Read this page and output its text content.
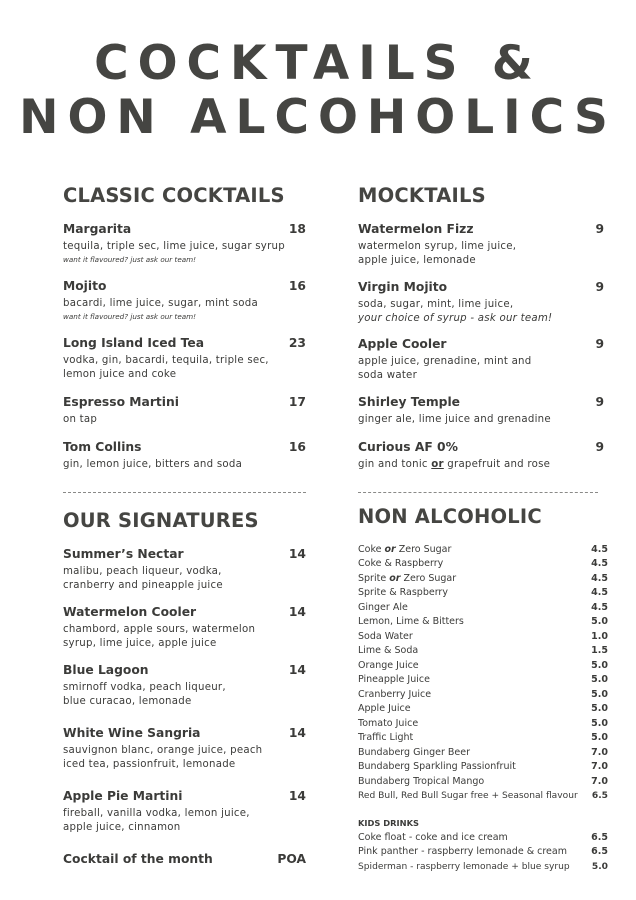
COCKTAILS &
NON ALCOHOLICS
CLASSIC COCKTAILS
Margarita	18
tequila, triple sec, lime juice, sugar syrup
want it flavoured? just ask our team!
Mojito	16
bacardi, lime juice, sugar, mint soda
want it flavoured? just ask our team!
Long Island Iced Tea	23
vodka, gin, bacardi, tequila, triple sec,
lemon juice and coke
Espresso Martini	17
on tap
Tom Collins	16
gin, lemon juice, bitters and soda
MOCKTAILS
Watermelon Fizz	9
watermelon syrup, lime juice,
apple juice, lemonade
Virgin Mojito	9
soda, sugar, mint, lime juice,
your choice of syrup - ask our team!
Apple Cooler	9
apple juice, grenadine, mint and
soda water
Shirley Temple	9
ginger ale, lime juice and grenadine
Curious AF 0%	9
gin and tonic or grapefruit and rose
OUR SIGNATURES
Summer’s Nectar	14
malibu, peach liqueur, vodka,
cranberry and pineapple juice
Watermelon Cooler	14
chambord, apple sours, watermelon
syrup, lime juice, apple juice
Blue Lagoon	14
smirnoff vodka, peach liqueur,
blue curacao, lemonade
White Wine Sangria	14
sauvignon blanc, orange juice, peach
iced tea, passionfruit, lemonade
Apple Pie Martini	14
fireball, vanilla vodka, lemon juice,
apple juice, cinnamon
Cocktail of the month	POA
NON ALCOHOLIC
Coke or Zero Sugar	4.5
Coke & Raspberry	4.5
Sprite or Zero Sugar	4.5
Sprite & Raspberry	4.5
Ginger Ale	4.5
Lemon, Lime & Bitters	5.0
Soda Water	1.0
Lime & Soda	1.5
Orange Juice	5.0
Pineapple Juice	5.0
Cranberry Juice	5.0
Apple Juice	5.0
Tomato Juice	5.0
Traffic Light	5.0
Bundaberg Ginger Beer	7.0
Bundaberg Sparkling Passionfruit	7.0
Bundaberg Tropical Mango	7.0
Red Bull, Red Bull Sugar free + Seasonal flavour 6.5
KIDS DRINKS
Coke float - coke and ice cream	6.5
Pink panther - raspberry lemonade & cream	6.5
Spiderman - raspberry lemonade + blue syrup 5.0
